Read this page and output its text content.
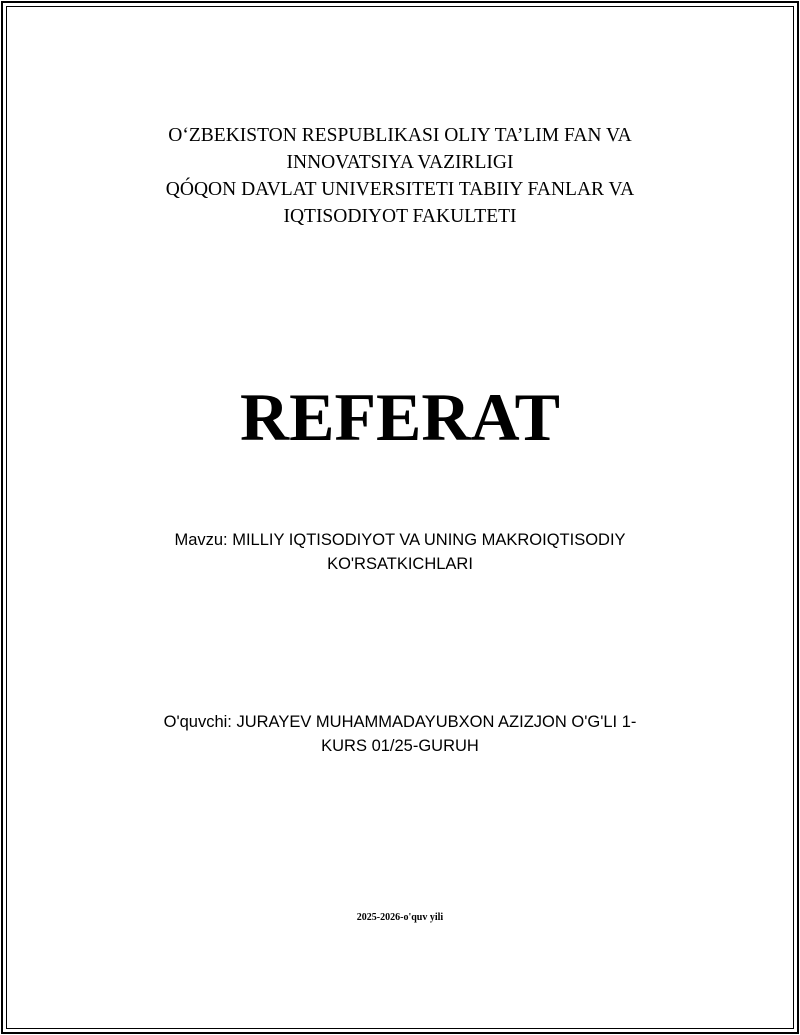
O‘ZBEKISTON RESPUBLIKASI OLIY TA’LIM FAN VA
INNOVATSIYA VAZIRLIGI
QÓQON DAVLAT UNIVERSITETI TABIIY FANLAR VA
IQTISODIYOT FAKULTETI
REFERAT
Mavzu: MILLIY IQTISODIYOT VA UNING MAKROIQTISODIY
KO'RSATKICHLARI
O'quvchi: JURAYEV MUHAMMADAYUBXON AZIZJON O'G'LI 1-
KURS 01/25-GURUH
2025-2026-o'quv yili
